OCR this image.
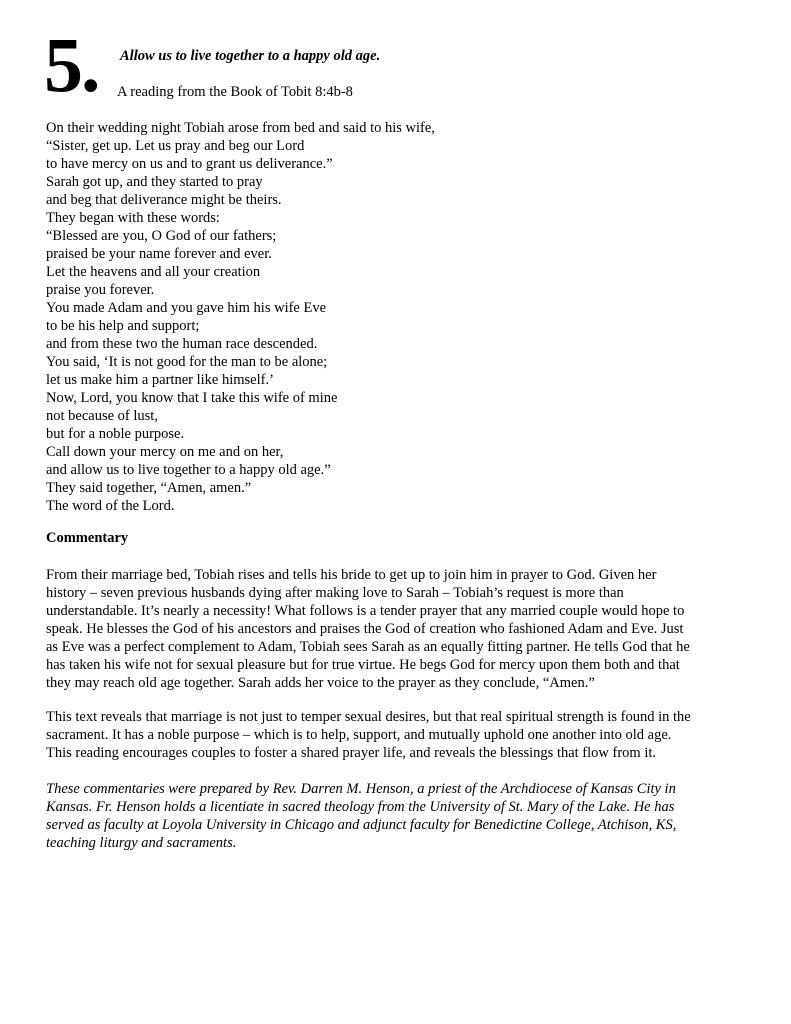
5. Allow us to live together to a happy old age.
A reading from the Book of Tobit 8:4b-8
On their wedding night Tobiah arose from bed and said to his wife,
“Sister, get up. Let us pray and beg our Lord
to have mercy on us and to grant us deliverance.”
Sarah got up, and they started to pray
and beg that deliverance might be theirs.
They began with these words:
“Blessed are you, O God of our fathers;
praised be your name forever and ever.
Let the heavens and all your creation
praise you forever.
You made Adam and you gave him his wife Eve
to be his help and support;
and from these two the human race descended.
You said, ‘It is not good for the man to be alone;
let us make him a partner like himself.’
Now, Lord, you know that I take this wife of mine
not because of lust,
but for a noble purpose.
Call down your mercy on me and on her,
and allow us to live together to a happy old age.”
They said together, “Amen, amen.”
The word of the Lord.
Commentary
From their marriage bed, Tobiah rises and tells his bride to get up to join him in prayer to God. Given her
history – seven previous husbands dying after making love to Sarah – Tobiah’s request is more than
understandable. It’s nearly a necessity! What follows is a tender prayer that any married couple would hope to
speak. He blesses the God of his ancestors and praises the God of creation who fashioned Adam and Eve. Just
as Eve was a perfect complement to Adam, Tobiah sees Sarah as an equally fitting partner. He tells God that he
has taken his wife not for sexual pleasure but for true virtue. He begs God for mercy upon them both and that
they may reach old age together. Sarah adds her voice to the prayer as they conclude, “Amen.”
This text reveals that marriage is not just to temper sexual desires, but that real spiritual strength is found in the
sacrament. It has a noble purpose – which is to help, support, and mutually uphold one another into old age.
This reading encourages couples to foster a shared prayer life, and reveals the blessings that flow from it.
These commentaries were prepared by Rev. Darren M. Henson, a priest of the Archdiocese of Kansas City in
Kansas. Fr. Henson holds a licentiate in sacred theology from the University of St. Mary of the Lake. He has
served as faculty at Loyola University in Chicago and adjunct faculty for Benedictine College, Atchison, KS,
teaching liturgy and sacraments.
